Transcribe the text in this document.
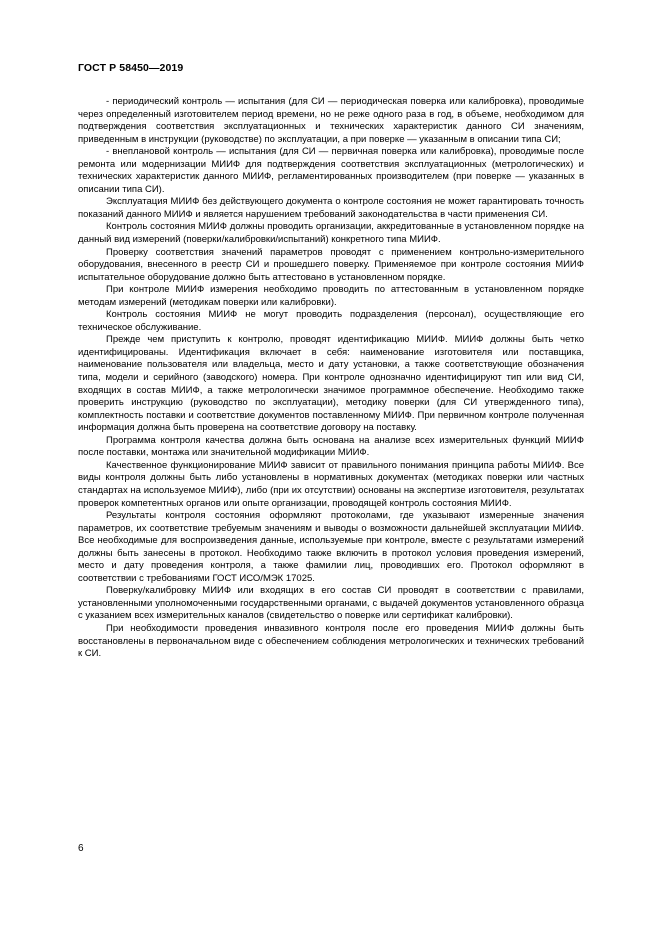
ГОСТ Р 58450—2019

- периодический контроль — испытания (для СИ — периодическая поверка или калибровка), проводимые через определенный изготовителем период времени, но не реже одного раза в год, в объеме, необходимом для подтверждения соответствия эксплуатационных и технических характеристик данного СИ значениям, приведенным в инструкции (руководстве) по эксплуатации, а при поверке — указанным в описании типа СИ;

- внеплановой контроль — испытания (для СИ — первичная поверка или калибровка), проводимые после ремонта или модернизации МИИФ для подтверждения соответствия эксплуатационных (метрологических) и технических характеристик данного МИИФ, регламентированных производителем (при поверке — указанных в описании типа СИ).

Эксплуатация МИИФ без действующего документа о контроле состояния не может гарантировать точность показаний данного МИИФ и является нарушением требований законодательства в части применения СИ.

Контроль состояния МИИФ должны проводить организации, аккредитованные в установленном порядке на данный вид измерений (поверки/калибровки/испытаний) конкретного типа МИИФ.

Проверку соответствия значений параметров проводят с применением контрольно-измерительного оборудования, внесенного в реестр СИ и прошедшего поверку. Применяемое при контроле состояния МИИФ испытательное оборудование должно быть аттестовано в установленном порядке.

При контроле МИИФ измерения необходимо проводить по аттестованным в установленном порядке методам измерений (методикам поверки или калибровки).

Контроль состояния МИИФ не могут проводить подразделения (персонал), осуществляющие его техническое обслуживание.

Прежде чем приступить к контролю, проводят идентификацию МИИФ. МИИФ должны быть четко идентифицированы. Идентификация включает в себя: наименование изготовителя или поставщика, наименование пользователя или владельца, место и дату установки, а также соответствующие обозначения типа, модели и серийного (заводского) номера. При контроле однозначно идентифицируют тип или вид СИ, входящих в состав МИИФ, а также метрологически значимое программное обеспечение. Необходимо также проверить инструкцию (руководство по эксплуатации), методику поверки (для СИ утвержденного типа), комплектность поставки и соответствие документов поставленному МИИФ. При первичном контроле полученная информация должна быть проверена на соответствие договору на поставку.

Программа контроля качества должна быть основана на анализе всех измерительных функций МИИФ после поставки, монтажа или значительной модификации МИИФ.

Качественное функционирование МИИФ зависит от правильного понимания принципа работы МИИФ. Все виды контроля должны быть либо установлены в нормативных документах (методиках поверки или частных стандартах на используемое МИИФ), либо (при их отсутствии) основаны на экспертизе изготовителя, результатах проверок компетентных органов или опыте организации, проводящей контроль состояния МИИФ.

Результаты контроля состояния оформляют протоколами, где указывают измеренные значения параметров, их соответствие требуемым значениям и выводы о возможности дальнейшей эксплуатации МИИФ. Все необходимые для воспроизведения данные, используемые при контроле, вместе с результатами измерений должны быть занесены в протокол. Необходимо также включить в протокол условия проведения измерений, место и дату проведения контроля, а также фамилии лиц, проводивших его. Протокол оформляют в соответствии с требованиями ГОСТ ИСО/МЭК 17025.

Поверку/калибровку МИИФ или входящих в его состав СИ проводят в соответствии с правилами, установленными уполномоченными государственными органами, с выдачей документов установленного образца с указанием всех измерительных каналов (свидетельство о поверке или сертификат калибровки).

При необходимости проведения инвазивного контроля после его проведения МИИФ должны быть восстановлены в первоначальном виде с обеспечением соблюдения метрологических и технических требований к СИ.

6
